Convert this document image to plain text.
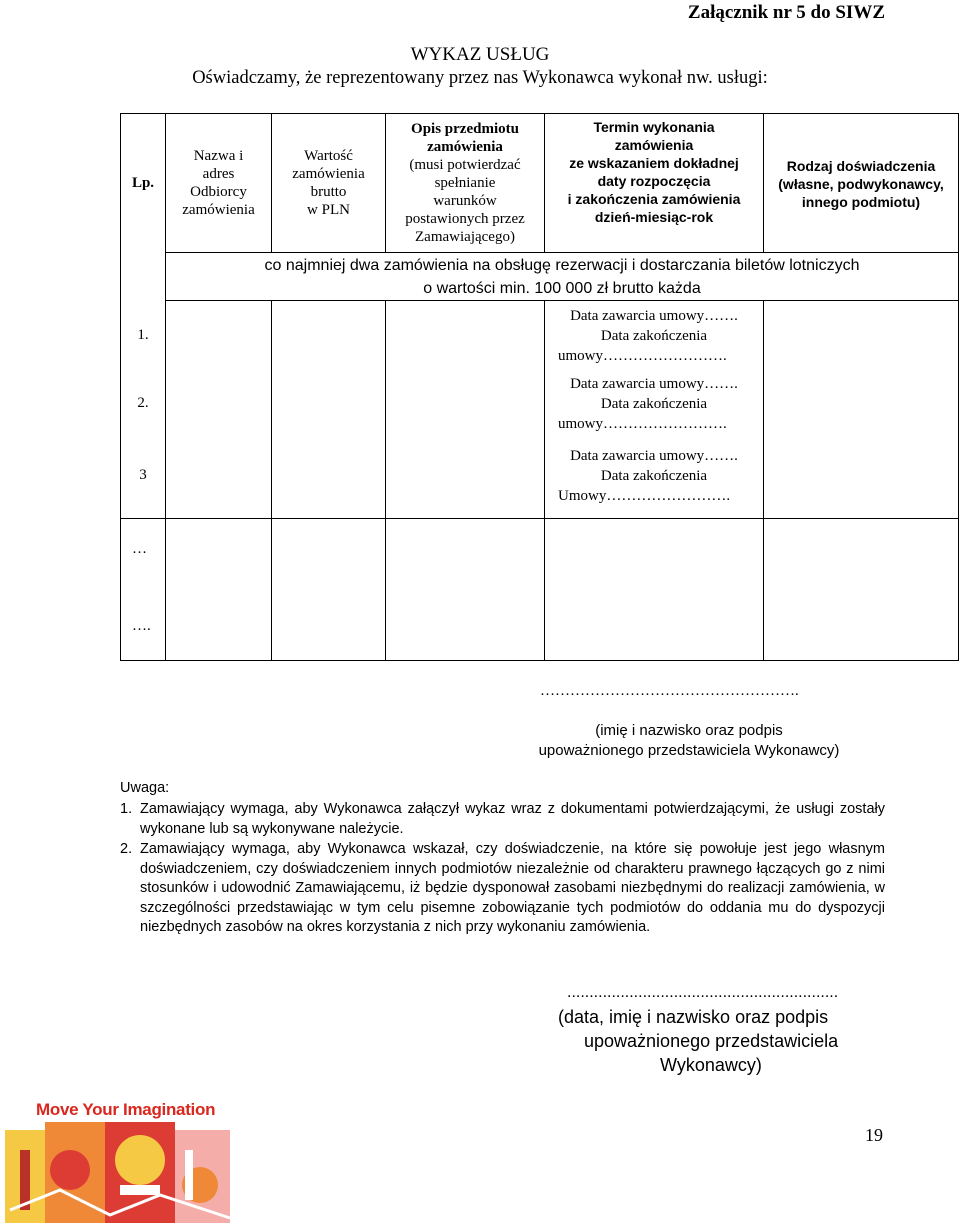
Załącznik nr 5 do SIWZ
WYKAZ USŁUG
Oświadczamy, że reprezentowany przez nas Wykonawca wykonał nw. usługi:
Lp.
Nazwa i
adres
Odbiorcy
zamówienia
Wartość
zamówienia
brutto
w PLN
Opis przedmiotu
zamówienia
(musi potwierdzać
spełnianie
warunków
postawionych przez
Zamawiającego)
Termin wykonania
zamówienia
ze wskazaniem dokładnej
daty rozpoczęcia
i zakończenia zamówienia
dzień-miesiąc-rok
Rodzaj doświadczenia
(własne, podwykonawcy,
innego podmiotu)
co najmniej dwa zamówienia na obsługę rezerwacji i dostarczania biletów lotniczych
o wartości min. 100 000 zł brutto każda
1.
Data zawarcia umowy…….
Data zakończenia
umowy…………………….
2.
Data zawarcia umowy…….
Data zakończenia
umowy…………………….
3
Data zawarcia umowy…….
Data zakończenia
Umowy…………………….
…
….
…………………………………………….
(imię i nazwisko oraz podpis
upoważnionego przedstawiciela Wykonawcy)
Uwaga:
1. Zamawiający wymaga, aby Wykonawca załączył wykaz wraz z dokumentami potwierdzającymi, że usługi zostały wykonane lub są wykonywane należycie.
2. Zamawiający wymaga, aby Wykonawca wskazał, czy doświadczenie, na które się powołuje jest jego własnym doświadczeniem, czy doświadczeniem innych podmiotów niezależnie od charakteru prawnego łączących go z nimi stosunków i udowodnić Zamawiającemu, iż będzie dysponował zasobami niezbędnymi do realizacji zamówienia, w szczególności przedstawiając w tym celu pisemne zobowiązanie tych podmiotów do oddania mu do dyspozycji niezbędnych zasobów na okres korzystania z nich przy wykonaniu zamówienia.
.............................................................
(data, imię i nazwisko oraz podpis
upoważnionego przedstawiciela
Wykonawcy)
19
Move Your Imagination
